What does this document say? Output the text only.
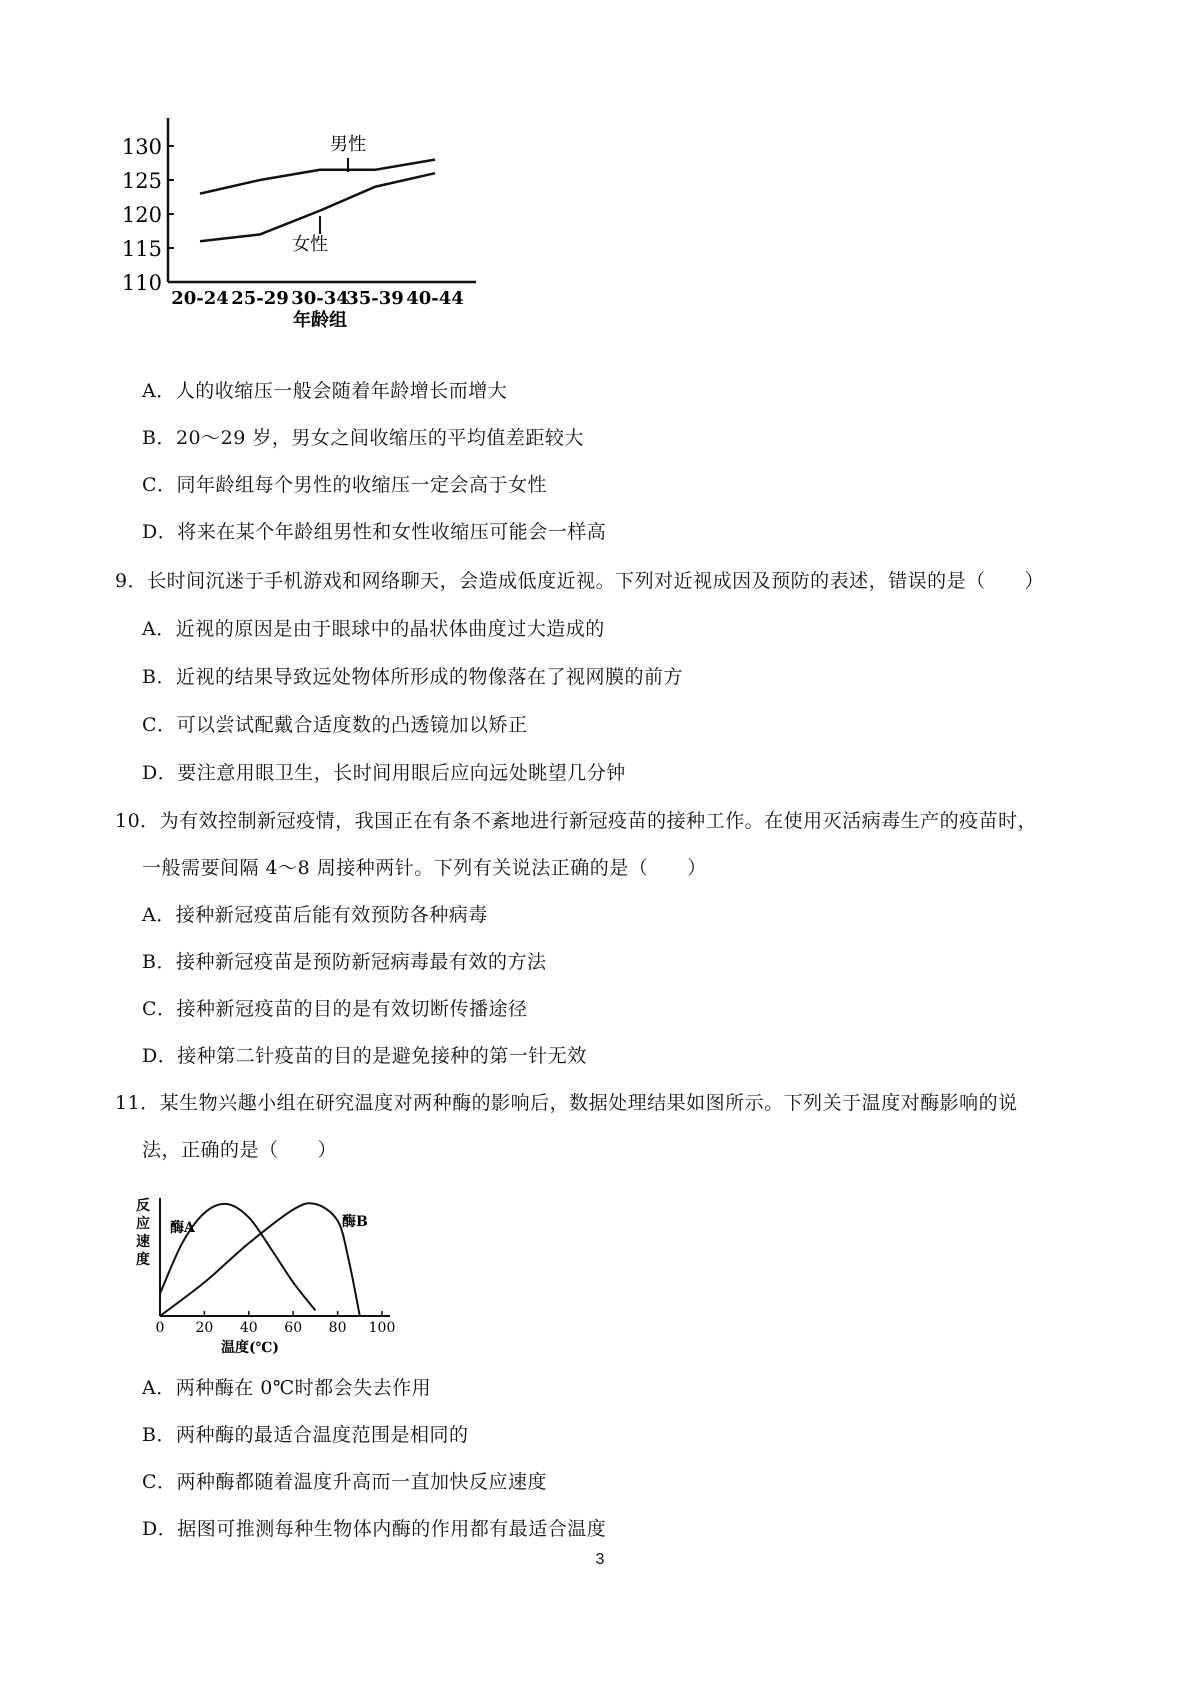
130
125
120
115
110
20-24 25-29 30-34
35-39 40-44
年龄组
男性
女性
A．人的收缩压一般会随着年龄增长而增大
B．20～29 岁，男女之间收缩压的平均值差距较大
C．同年龄组每个男性的收缩压一定会高于女性
D．将来在某个年龄组男性和女性收缩压可能会一样高
9．长时间沉迷于手机游戏和网络聊天，会造成低度近视。下列对近视成因及预防的表述，错误的是（　　）
A．近视的原因是由于眼球中的晶状体曲度过大造成的
B．近视的结果导致远处物体所形成的物像落在了视网膜的前方
C．可以尝试配戴合适度数的凸透镜加以矫正
D．要注意用眼卫生，长时间用眼后应向远处眺望几分钟
10．为有效控制新冠疫情，我国正在有条不紊地进行新冠疫苗的接种工作。在使用灭活病毒生产的疫苗时，
一般需要间隔 4～8 周接种两针。下列有关说法正确的是（　　）
A．接种新冠疫苗后能有效预防各种病毒
B．接种新冠疫苗是预防新冠病毒最有效的方法
C．接种新冠疫苗的目的是有效切断传播途径
D．接种第二针疫苗的目的是避免接种的第一针无效
11．某生物兴趣小组在研究温度对两种酶的影响后，数据处理结果如图所示。下列关于温度对酶影响的说
法，正确的是（　　）
0 20 40 60 80 100
温度(℃)
反应速度
酶A	酶B
A．两种酶在 0℃时都会失去作用
B．两种酶的最适合温度范围是相同的
C．两种酶都随着温度升高而一直加快反应速度
D．据图可推测每种生物体内酶的作用都有最适合温度
3
